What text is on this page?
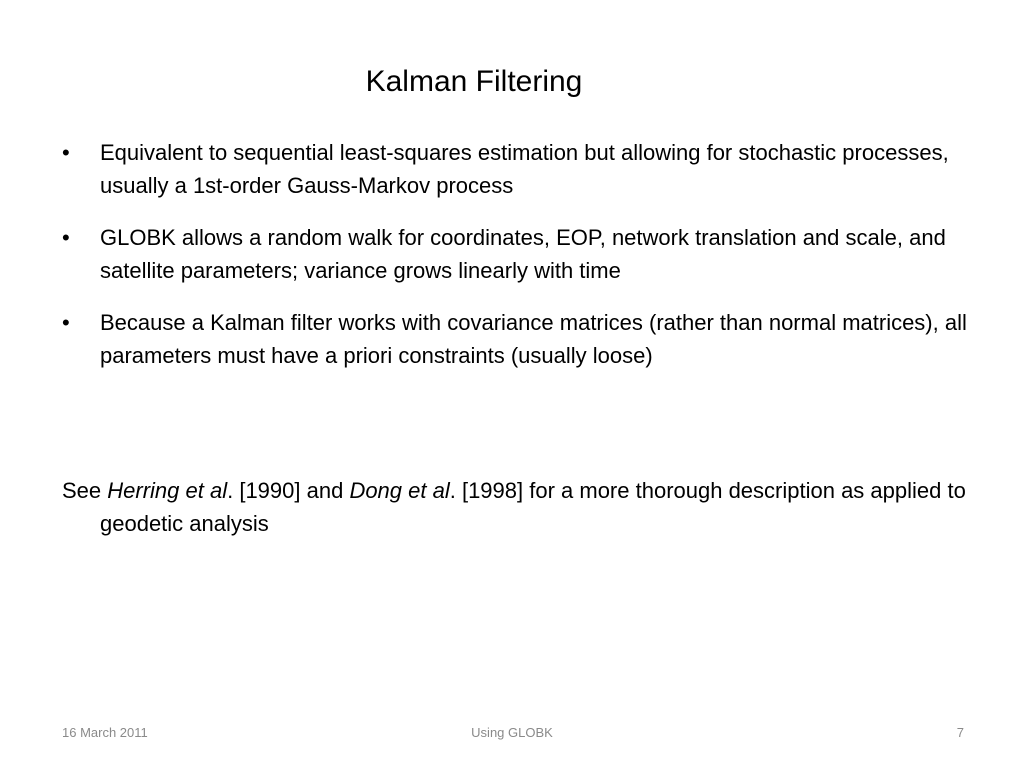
Kalman Filtering
• Equivalent to sequential least-squares estimation but allowing for stochastic processes, usually a 1st-order Gauss-Markov process
• GLOBK allows a random walk for coordinates, EOP, network translation and scale, and satellite parameters; variance grows linearly with time
• Because a Kalman filter works with covariance matrices (rather than normal matrices), all parameters must have a priori constraints (usually loose)
See Herring et al. [1990] and Dong et al. [1998] for a more thorough description as applied to geodetic analysis
16 March 2011	Using GLOBK	7
